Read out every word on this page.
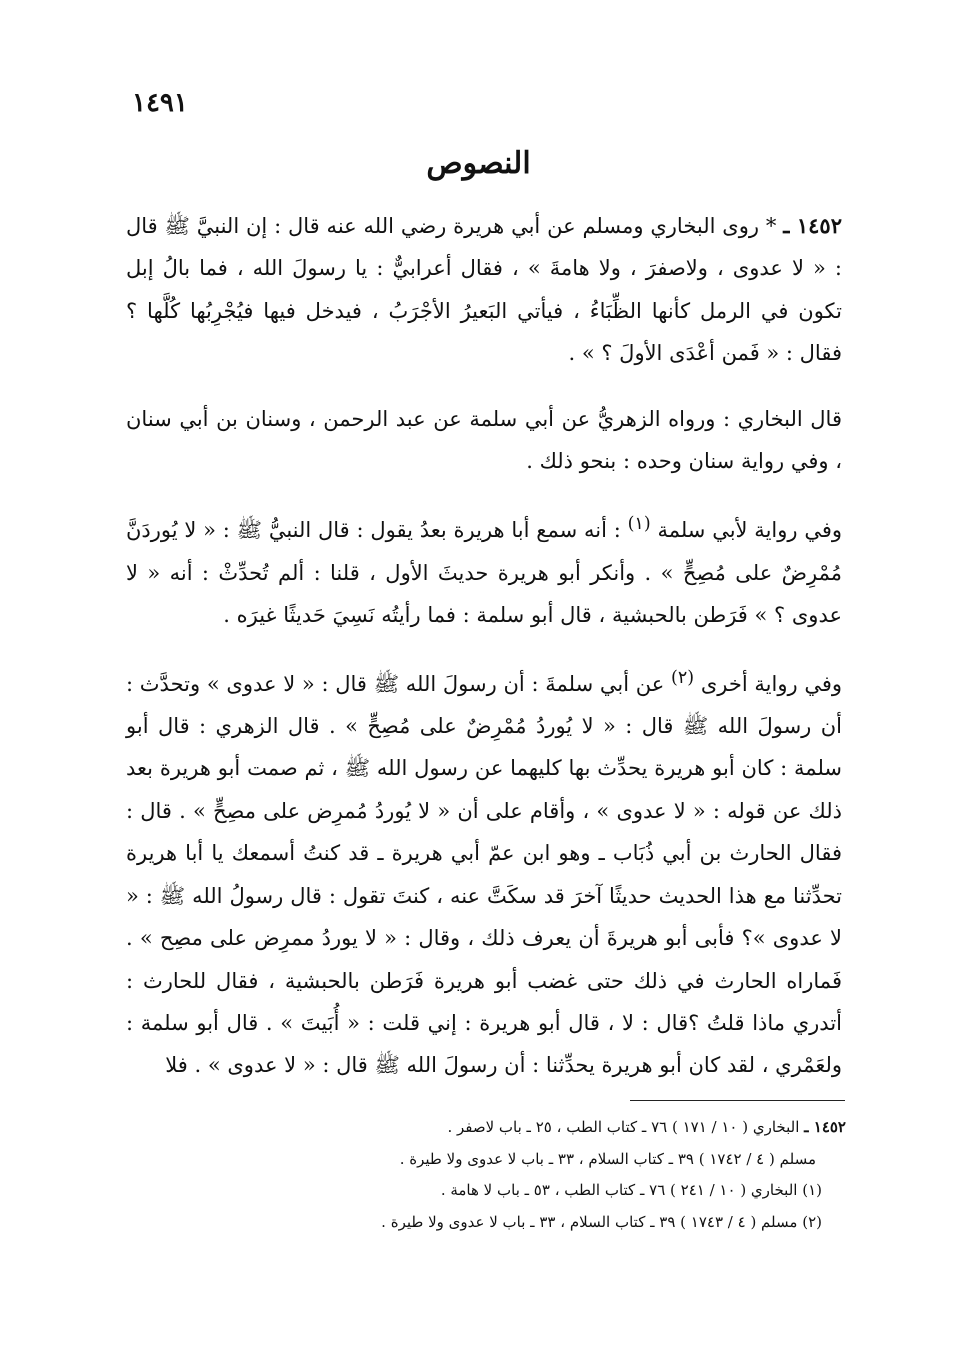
١٤٩١
النصوص

١٤٥٢ ـ * روى البخاري ومسلم عن أبي هريرة رضي الله عنه قال : إن النبيَّ ﷺ قال : « لا عدوى ، ولاصفرَ ، ولا هامةَ » ، فقال أعرابيٌّ : يا رسولَ الله ، فما بالُ إبل تكون في الرمل كأنها الظِّبَاءُ ، فيأتي البَعيرُ الأجْرَبُ ، فيدخل فيها فيُجْرِبُها كُلَّها ؟ فقال : « فَمن أعْدَى الأولَ ؟ » .

قال البخاري : ورواه الزهريُّ عن أبي سلمة عن عبد الرحمن ، وسنان بن أبي سنان ، وفي رواية سنان وحده : بنحو ذلك .

وفي رواية لأبي سلمة $^{(١)}$ : أنه سمع أبا هريرة بعدُ يقول : قال النبيُّ ﷺ : « لا يُوردَنَّ مُمْرِضٌ على مُصِحٍّ » . وأنكر أبو هريرة حديثَ الأول ، قلنا : ألم تُحدِّثْ : أنه « لا عدوى ؟ » فَرَطن بالحبشية ، قال أبو سلمة : فما رأيتُه نَسِيَ حَديثًا غيرَه .

وفي رواية أخرى $^{(٢)}$ عن أبي سلمةَ : أن رسولَ الله ﷺ قال : « لا عدوى » وتحدَّث : أن رسولَ الله ﷺ قال : « لا يُوردُ مُمْرِضٌ على مُصِحٍّ » . قال الزهري : قال أبو سلمة : كان أبو هريرة يحدِّث بها كليهما عن رسول الله ﷺ ، ثم صمت أبو هريرة بعد ذلك عن قوله : « لا عدوى » ، وأقام على أن « لا يُوردُ مُمرِض على مصِحٍّ » . قال : فقال الحارث بن أبي ذُبَاب ـ وهو ابن عمّ أبي هريرة ـ قد كنتُ أسمعك يا أبا هريرة تحدِّثنا مع هذا الحديث حديثًا آخرَ قد سكَتَّ عنه ، كنتَ تقول : قال رسولُ الله ﷺ : « لا عدوى »؟ فأبى أبو هريرةَ أن يعرف ذلك ، وقال : « لا يوردُ ممرِض على مصِح » . فَماراه الحارث في ذلك حتى غضب أبو هريرة فَرَطن بالحبشية ، فقال للحارث : أتدري ماذا قلتُ ؟قال : لا ، قال أبو هريرة : إني قلت : « أُبَيتَ » . قال أبو سلمة : ولعَمْري ، لقد كان أبو هريرة يحدِّثنا : أن رسولَ الله ﷺ قال : « لا عدوى » . فلا

١٤٥٢ ـ البخاري ( ١٠ / ١٧١ ) ٧٦ ـ كتاب الطب ، ٢٥ ـ باب لاصفر .

مسلم ( ٤ / ١٧٤٢ ) ٣٩ ـ كتاب السلام ، ٣٣ ـ باب لا عدوى ولا طيرة .

(١) البخاري ( ١٠ / ٢٤١ ) ٧٦ ـ كتاب الطب ، ٥٣ ـ باب لا هامة .

(٢) مسلم ( ٤ / ١٧٤٣ ) ٣٩ ـ كتاب السلام ، ٣٣ ـ باب لا عدوى ولا طيرة .
